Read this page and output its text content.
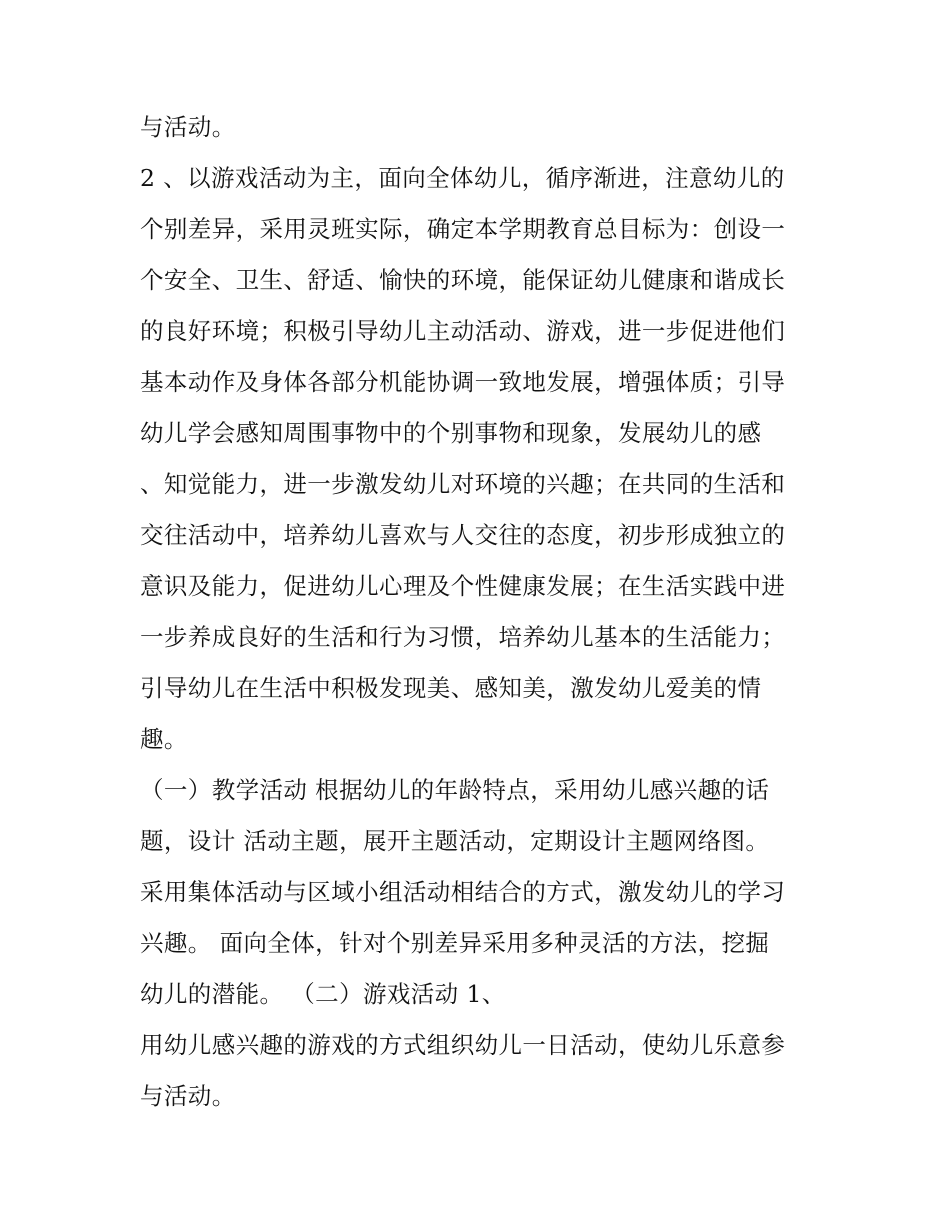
与活动。

2 、以游戏活动为主，面向全体幼儿，循序渐进，注意幼儿的

个别差异，采用灵班实际，确定本学期教育总目标为：创设一

个安全、卫生、舒适、愉快的环境，能保证幼儿健康和谐成长

的良好环境；积极引导幼儿主动活动、游戏，进一步促进他们

基本动作及身体各部分机能协调一致地发展，增强体质；引导

幼儿学会感知周围事物中的个别事物和现象，发展幼儿的感

、知觉能力，进一步激发幼儿对环境的兴趣；在共同的生活和

交往活动中，培养幼儿喜欢与人交往的态度，初步形成独立的

意识及能力，促进幼儿心理及个性健康发展；在生活实践中进

一步养成良好的生活和行为习惯，培养幼儿基本的生活能力；

引导幼儿在生活中积极发现美、感知美，激发幼儿爱美的情

趣。

（一）教学活动 根据幼儿的年龄特点，采用幼儿感兴趣的话

题，设计 活动主题，展开主题活动，定期设计主题网络图。

采用集体活动与区域小组活动相结合的方式，激发幼儿的学习

兴趣。 面向全体，针对个别差异采用多种灵活的方法，挖掘

幼儿的潜能。 （二）游戏活动 1、

用幼儿感兴趣的游戏的方式组织幼儿一日活动，使幼儿乐意参

与活动。
